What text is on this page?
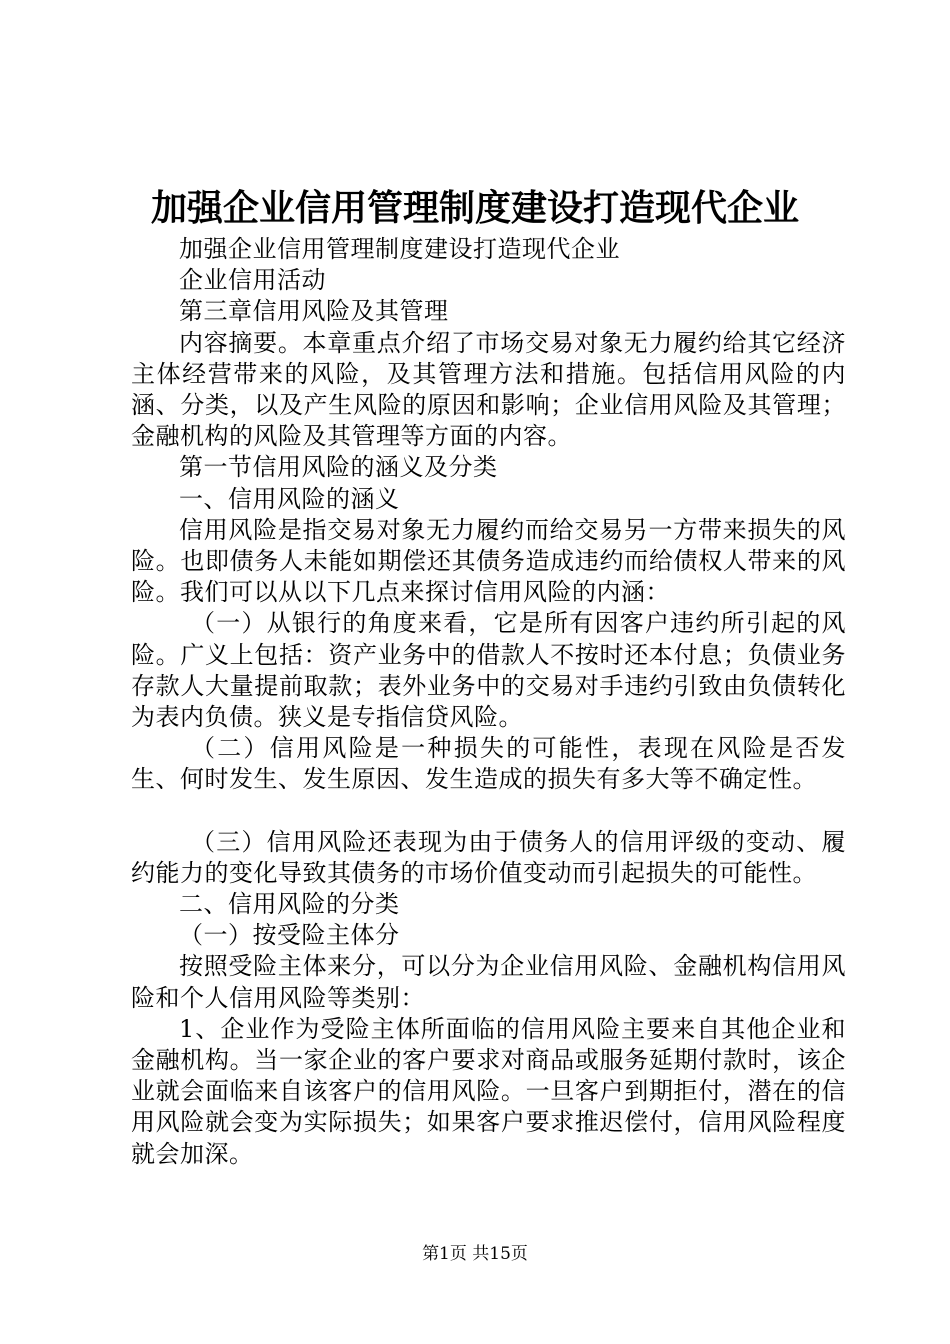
加强企业信用管理制度建设打造现代企业

加强企业信用管理制度建设打造现代企业

企业信用活动

第三章信用风险及其管理

内容摘要。本章重点介绍了市场交易对象无力履约给其它经济主体经营带来的风险，及其管理方法和措施。包括信用风险的内涵、分类，以及产生风险的原因和影响；企业信用风险及其管理；金融机构的风险及其管理等方面的内容。

第一节信用风险的涵义及分类

一、信用风险的涵义

信用风险是指交易对象无力履约而给交易另一方带来损失的风险。也即债务人未能如期偿还其债务造成违约而给债权人带来的风险。我们可以从以下几点来探讨信用风险的内涵：

（一）从银行的角度来看，它是所有因客户违约所引起的风险。广义上包括：资产业务中的借款人不按时还本付息；负债业务存款人大量提前取款；表外业务中的交易对手违约引致由负债转化为表内负债。狭义是专指信贷风险。

（二）信用风险是一种损失的可能性，表现在风险是否发生、何时发生、发生原因、发生造成的损失有多大等不确定性。

（三）信用风险还表现为由于债务人的信用评级的变动、履约能力的变化导致其债务的市场价值变动而引起损失的可能性。

二、信用风险的分类

（一）按受险主体分

按照受险主体来分，可以分为企业信用风险、金融机构信用风险和个人信用风险等类别：

1、企业作为受险主体所面临的信用风险主要来自其他企业和金融机构。当一家企业的客户要求对商品或服务延期付款时，该企业就会面临来自该客户的信用风险。一旦客户到期拒付，潜在的信用风险就会变为实际损失；如果客户要求推迟偿付，信用风险程度就会加深。

第1页 共15页
